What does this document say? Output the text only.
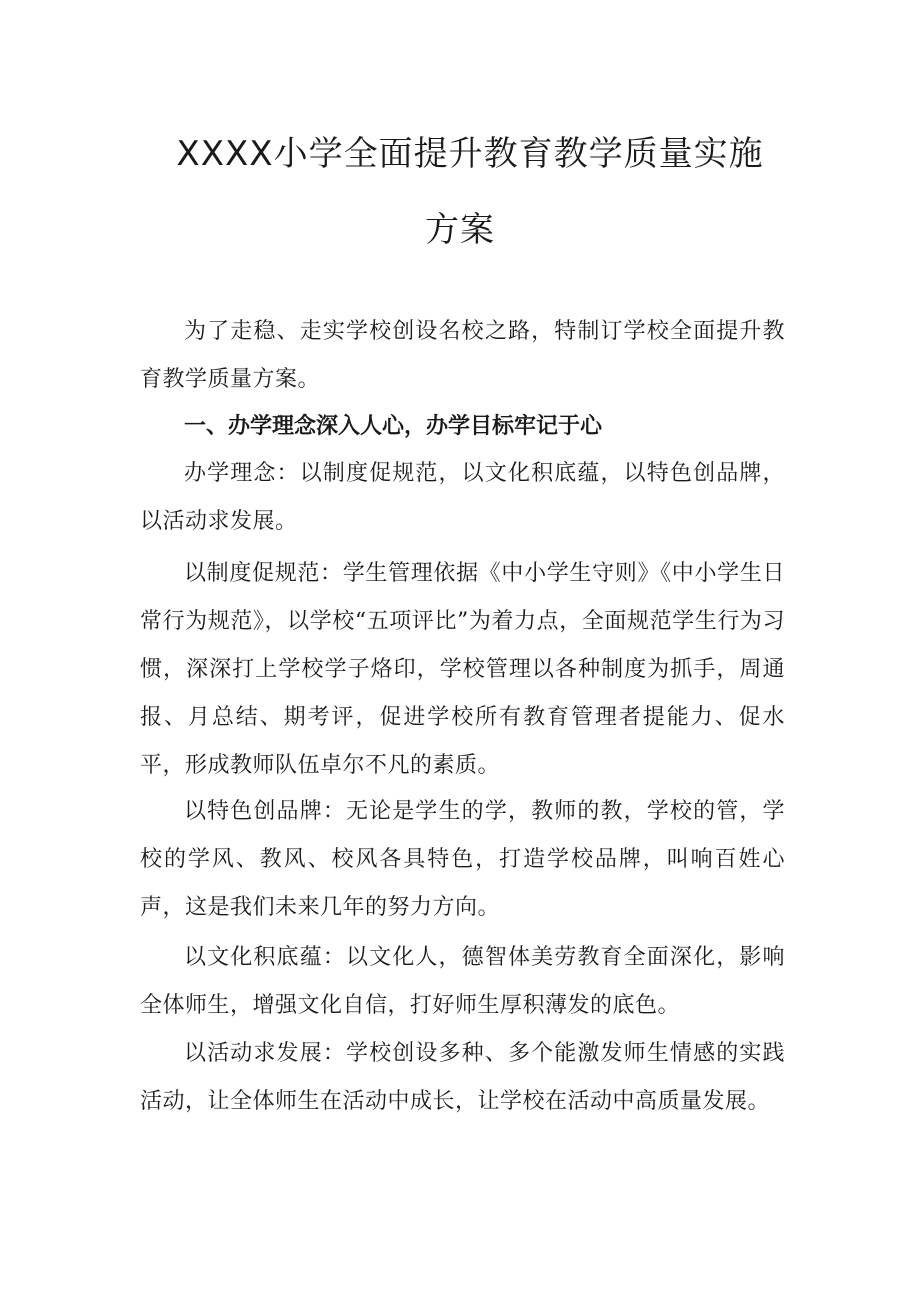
XXXX小学全面提升教育教学质量实施
方案

为了走稳、走实学校创设名校之路，特制订学校全面提升教育教学质量方案。

一、办学理念深入人心，办学目标牢记于心

办学理念：以制度促规范，以文化积底蕴，以特色创品牌，以活动求发展。

以制度促规范：学生管理依据《中小学生守则》《中小学生日常行为规范》，以学校“五项评比”为着力点，全面规范学生行为习惯，深深打上学校学子烙印，学校管理以各种制度为抓手，周通报、月总结、期考评，促进学校所有教育管理者提能力、促水平，形成教师队伍卓尔不凡的素质。

以特色创品牌：无论是学生的学，教师的教，学校的管，学校的学风、教风、校风各具特色，打造学校品牌，叫响百姓心声，这是我们未来几年的努力方向。

以文化积底蕴：以文化人，德智体美劳教育全面深化，影响全体师生，增强文化自信，打好师生厚积薄发的底色。

以活动求发展：学校创设多种、多个能激发师生情感的实践活动，让全体师生在活动中成长，让学校在活动中高质量发展。
